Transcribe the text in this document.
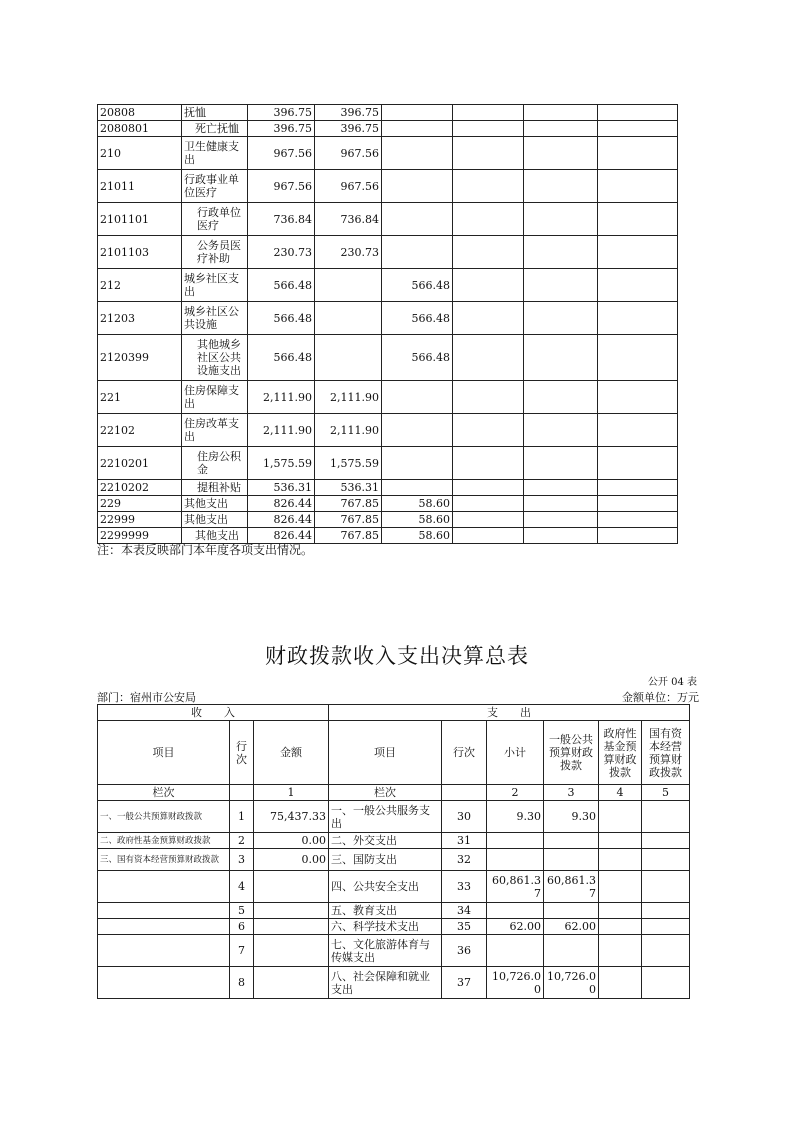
20808	抚恤	396.75	396.75				
2080801	死亡抚恤	396.75	396.75				
210	卫生健康支出	967.56	967.56				
21011	行政事业单位医疗	967.56	967.56				
2101101	行政单位医疗	736.84	736.84				
2101103	公务员医疗补助	230.73	230.73				
212	城乡社区支出	566.48		566.48			
21203	城乡社区公共设施	566.48		566.48			
2120399	其他城乡社区公共设施支出	566.48		566.48			
221	住房保障支出	2,111.90	2,111.90				
22102	住房改革支出	2,111.90	2,111.90				
2210201	住房公积金	1,575.59	1,575.59				
2210202	提租补贴	536.31	536.31				
229	其他支出	826.44	767.85	58.60			
22999	其他支出	826.44	767.85	58.60			
2299999	其他支出	826.44	767.85	58.60			
注：本表反映部门本年度各项支出情况。
财政拨款收入支出决算总表
公开 04 表
部门：宿州市公安局	金额单位：万元
收　　入			支　　出					
项目	行次	金额	项目	行次	小计	一般公共预算财政拨款	政府性基金预算财政拨款	国有资本经营预算财政拨款
栏次		1	栏次		2	3	4	5
一、一般公共预算财政拨款	1	75,437.33	一、一般公共服务支出	30	9.30	9.30		
二、政府性基金预算财政拨款	2	0.00	二、外交支出	31				
三、国有资本经营预算财政拨款	3	0.00	三、国防支出	32				
	4		四、公共安全支出	33	60,861.37	60,861.37		
	5		五、教育支出	34				
	6		六、科学技术支出	35	62.00	62.00		
	7		七、文化旅游体育与传媒支出	36				
	8		八、社会保障和就业支出	37	10,726.00	10,726.00		
